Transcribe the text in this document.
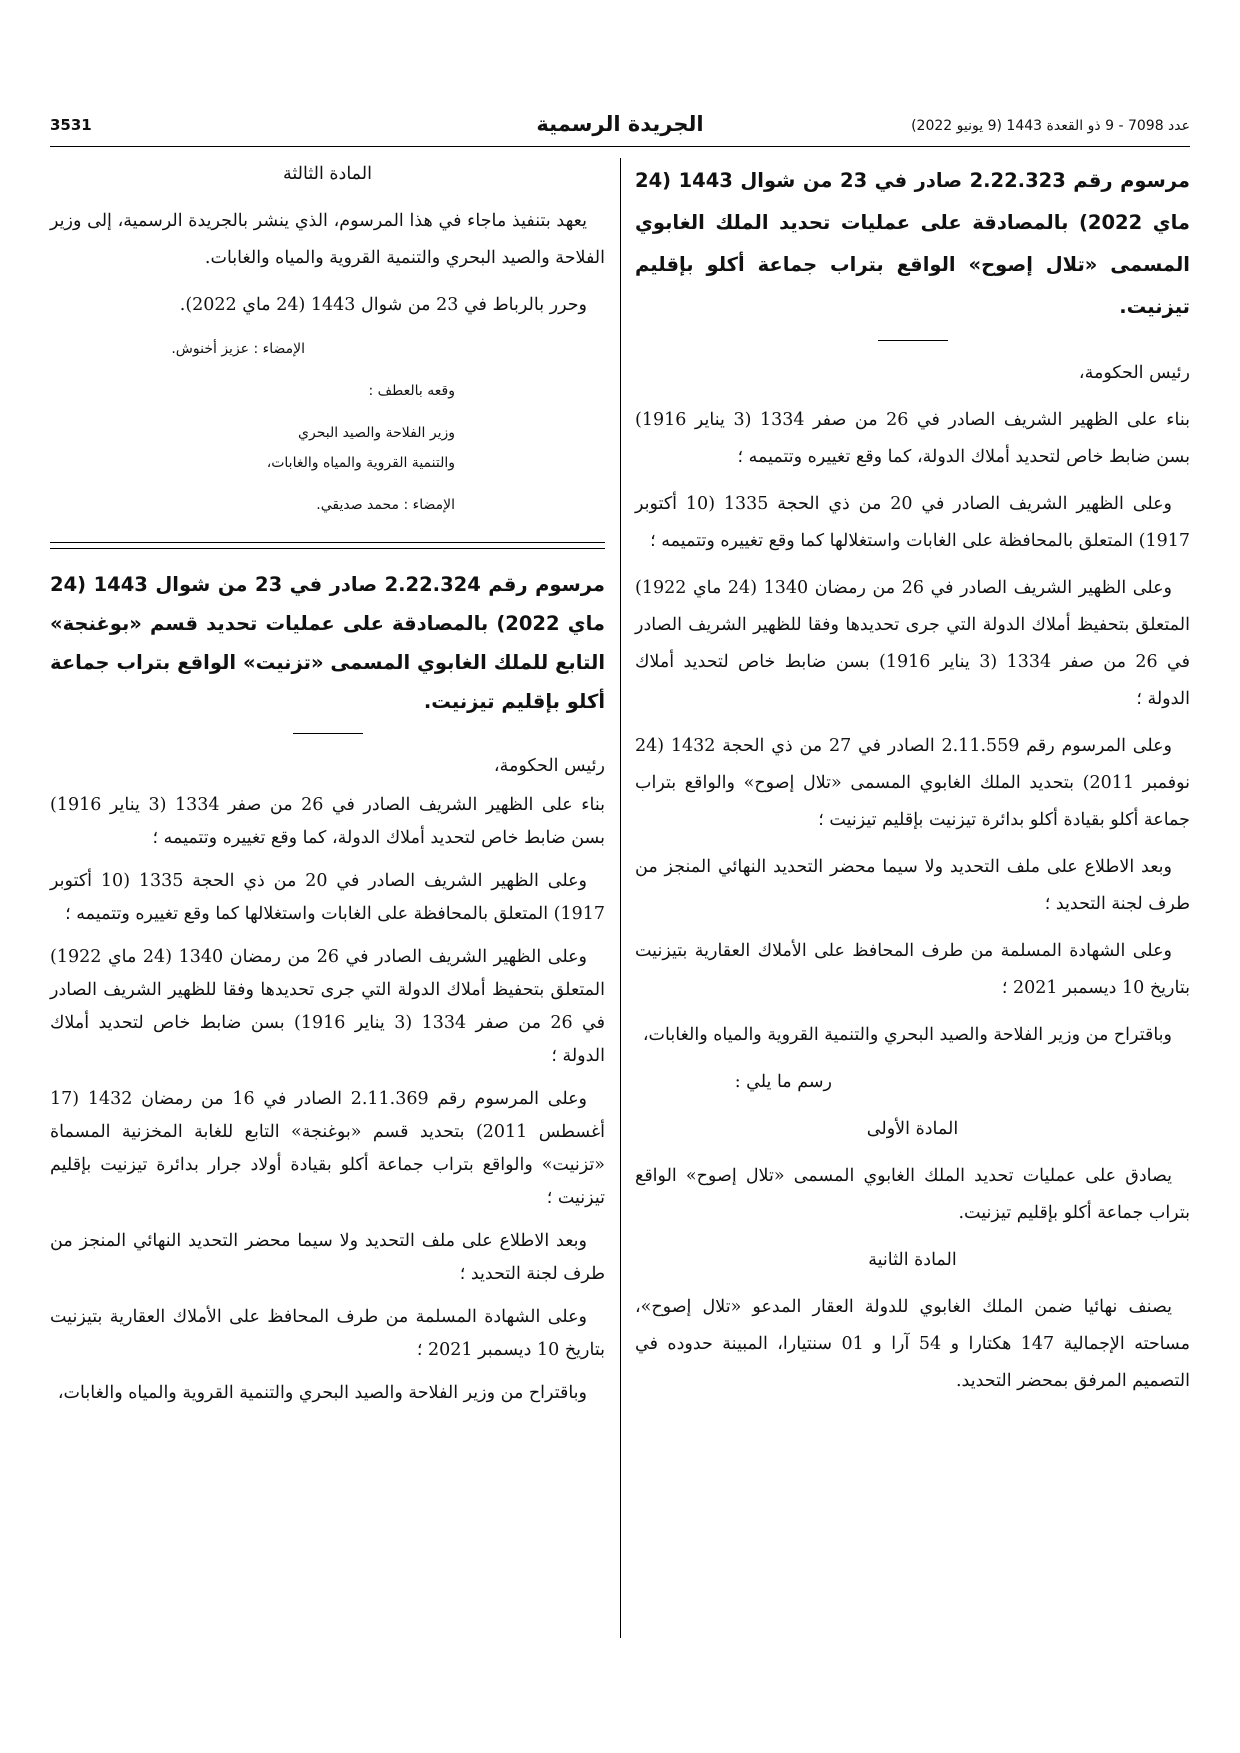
3531	الجريدة الرسمية	عدد 7098 - 9 ذو القعدة 1443 (9 يونيو 2022)
مرسوم رقم 2.22.323 صادر في 23 من شوال 1443 (24 ماي 2022) بالمصادقة على عمليات تحديد الملك الغابوي المسمى «تلال إصوح» الواقع بتراب جماعة أكلو بإقليم تيزنيت.

رئيس الحكومة،

بناء على الظهير الشريف الصادر في 26 من صفر 1334 (3 يناير 1916) بسن ضابط خاص لتحديد أملاك الدولة، كما وقع تغييره وتتميمه ؛

وعلى الظهير الشريف الصادر في 20 من ذي الحجة 1335 (10 أكتوبر 1917) المتعلق بالمحافظة على الغابات واستغلالها كما وقع تغييره وتتميمه ؛

وعلى الظهير الشريف الصادر في 26 من رمضان 1340 (24 ماي 1922) المتعلق بتحفيظ أملاك الدولة التي جرى تحديدها وفقا للظهير الشريف الصادر في 26 من صفر 1334 (3 يناير 1916) بسن ضابط خاص لتحديد أملاك الدولة ؛

وعلى المرسوم رقم 2.11.559 الصادر في 27 من ذي الحجة 1432 (24 نوفمبر 2011) بتحديد الملك الغابوي المسمى «تلال إصوح» والواقع بتراب جماعة أكلو بقيادة أكلو بدائرة تيزنيت بإقليم تيزنيت ؛

وبعد الاطلاع على ملف التحديد ولا سيما محضر التحديد النهائي المنجز من طرف لجنة التحديد ؛

وعلى الشهادة المسلمة من طرف المحافظ على الأملاك العقارية بتيزنيت بتاريخ 10 ديسمبر 2021 ؛

وباقتراح من وزير الفلاحة والصيد البحري والتنمية القروية والمياه والغابات،

رسم ما يلي :

المادة الأولى

يصادق على عمليات تحديد الملك الغابوي المسمى «تلال إصوح» الواقع بتراب جماعة أكلو بإقليم تيزنيت.

المادة الثانية

يصنف نهائيا ضمن الملك الغابوي للدولة العقار المدعو «تلال إصوح»، مساحته الإجمالية 147 هكتارا و 54 آرا و 01 سنتيارا، المبينة حدوده في التصميم المرفق بمحضر التحديد.

المادة الثالثة

يعهد بتنفيذ ماجاء في هذا المرسوم، الذي ينشر بالجريدة الرسمية، إلى وزير الفلاحة والصيد البحري والتنمية القروية والمياه والغابات.

وحرر بالرباط في 23 من شوال 1443 (24 ماي 2022).

الإمضاء : عزيز أخنوش.

وقعه بالعطف :

وزير الفلاحة والصيد البحري

والتنمية القروية والمياه والغابات،

الإمضاء : محمد صديقي.

مرسوم رقم 2.22.324 صادر في 23 من شوال 1443 (24 ماي 2022) بالمصادقة على عمليات تحديد قسم «بوغنجة» التابع للملك الغابوي المسمى «تزنيت» الواقع بتراب جماعة أكلو بإقليم تيزنيت.

رئيس الحكومة،

بناء على الظهير الشريف الصادر في 26 من صفر 1334 (3 يناير 1916) بسن ضابط خاص لتحديد أملاك الدولة، كما وقع تغييره وتتميمه ؛

وعلى الظهير الشريف الصادر في 20 من ذي الحجة 1335 (10 أكتوبر 1917) المتعلق بالمحافظة على الغابات واستغلالها كما وقع تغييره وتتميمه ؛

وعلى الظهير الشريف الصادر في 26 من رمضان 1340 (24 ماي 1922) المتعلق بتحفيظ أملاك الدولة التي جرى تحديدها وفقا للظهير الشريف الصادر في 26 من صفر 1334 (3 يناير 1916) بسن ضابط خاص لتحديد أملاك الدولة ؛

وعلى المرسوم رقم 2.11.369 الصادر في 16 من رمضان 1432 (17 أغسطس 2011) بتحديد قسم «بوغنجة» التابع للغابة المخزنية المسماة «تزنيت» والواقع بتراب جماعة أكلو بقيادة أولاد جرار بدائرة تيزنيت بإقليم تيزنيت ؛

وبعد الاطلاع على ملف التحديد ولا سيما محضر التحديد النهائي المنجز من طرف لجنة التحديد ؛

وعلى الشهادة المسلمة من طرف المحافظ على الأملاك العقارية بتيزنيت بتاريخ 10 ديسمبر 2021 ؛

وباقتراح من وزير الفلاحة والصيد البحري والتنمية القروية والمياه والغابات،
